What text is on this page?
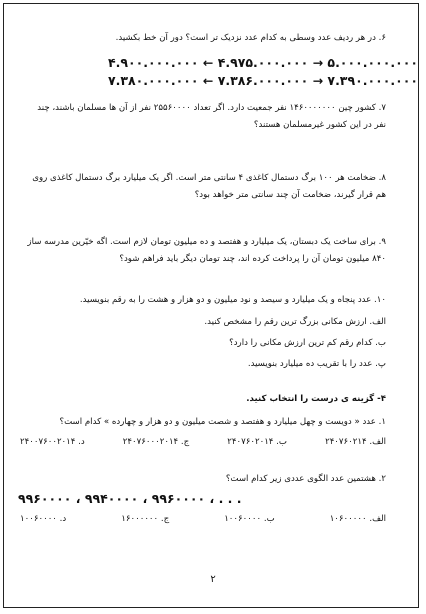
۶. در هر ردیف عدد وسطی به کدام عدد نزدیک تر است؟ دور آن خط بکشید.
۴.۹۰۰.۰۰۰.۰۰۰ ← ۴.۹۷۵.۰۰۰.۰۰۰ → ۵.۰۰۰.۰۰۰.۰۰۰
۷.۳۸۰.۰۰۰.۰۰۰ ← ۷.۳۸۶.۰۰۰.۰۰۰ → ۷.۳۹۰.۰۰۰.۰۰۰
۷. کشور چین ۱۴۶۰۰۰۰۰۰۰ نفر جمعیت دارد. اگر تعداد ۲۵۵۶۰۰۰۰ نفر از آن ها مسلمان باشند، چند
نفر در این کشور غیرمسلمان هستند؟
۸. ضخامت هر ۱۰۰ برگ دستمال کاغذی ۴ سانتی متر است. اگر یک میلیارد برگ دستمال کاغذی روی
هم قرار گیرند، ضخامت آن چند سانتی متر خواهد بود؟
۹. برای ساخت یک دبستان، یک میلیارد و هفتصد و ده میلیون تومان لازم است. اگه خیّرین مدرسه ساز
۸۴۰ میلیون تومان آن را پرداخت کرده اند، چند تومان دیگر باید فراهم شود؟
۱۰. عدد پنجاه و یک میلیارد و سیصد و نود میلیون و دو هزار و هشت را به رقم بنویسید.
الف. ارزش مکانی بزرگ ترین رقم را مشخص کنید.
ب. کدام رقم کم ترین ارزش مکانی را دارد؟
پ. عدد را با تقریب ده میلیارد بنویسید.
۴- گزینه ی درست را انتخاب کنید.
۱. عدد « دویست و چهل میلیارد و هفتصد و شصت میلیون و دو هزار و چهارده » کدام است؟
الف. ۲۴۰۷۶۰۲۱۴
ب. ۲۴۰۷۶۰۲۰۱۴
ج. ۲۴۰۷۶۰۰۰۲۰۱۴
د. ۲۴۰۰۷۶۰۰۲۰۱۴
۲. هشتمین عدد الگوی عددی زیر کدام است؟
۹۹۶۰۰۰۰ ، ۹۹۴۰۰۰۰ ، ۹۹۶۰۰۰۰ ، . . .
الف. ۱۰۶۰۰۰۰۰
ب. ۱۰۰۶۰۰۰۰
ج. ۱۶۰۰۰۰۰۰
د. ۱۰۰۶۰۰۰۰
۲
